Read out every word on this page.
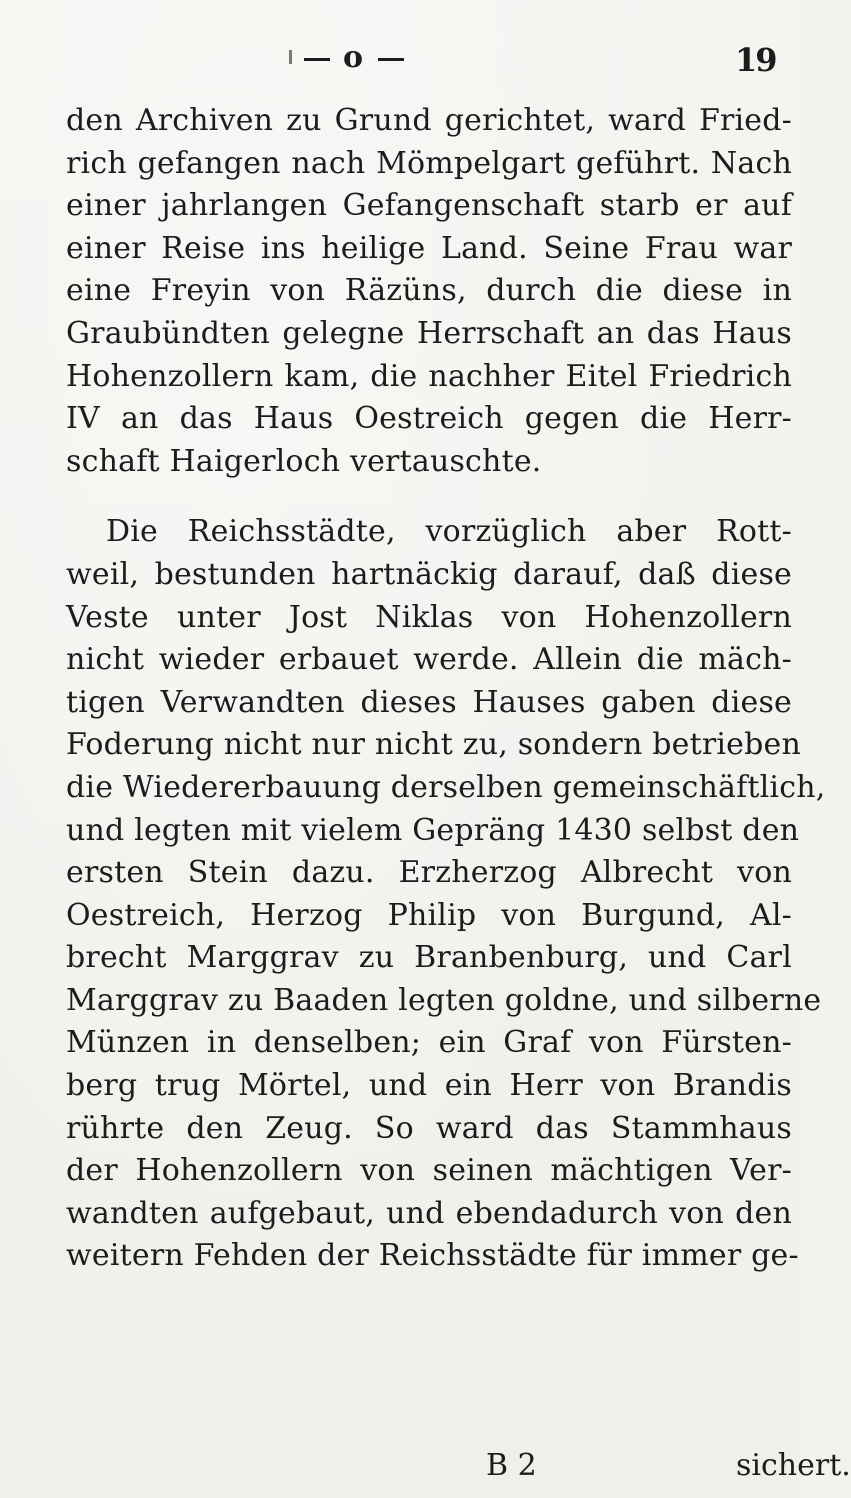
o	19
den Archiven zu Grund gerichtet, ward Fried-
rich gefangen nach Mömpelgart geführt. Nach
einer jahrlangen Gefangenschaft starb er auf
einer Reise ins heilige Land. Seine Frau war
eine Freyin von Räzüns, durch die diese in
Graubündten gelegne Herrschaft an das Haus
Hohenzollern kam, die nachher Eitel Friedrich
IV an das Haus Oestreich gegen die Herr-
schaft Haigerloch vertauschte.
Die Reichsstädte, vorzüglich aber Rott-
weil, bestunden hartnäckig darauf, daß diese
Veste unter Jost Niklas von Hohenzollern
nicht wieder erbauet werde. Allein die mäch-
tigen Verwandten dieses Hauses gaben diese
Foderung nicht nur nicht zu, sondern betrieben
die Wiedererbauung derselben gemeinschäftlich,
und legten mit vielem Gepräng 1430 selbst den
ersten Stein dazu. Erzherzog Albrecht von
Oestreich, Herzog Philip von Burgund, Al-
brecht Marggrav zu Branbenburg, und Carl
Marggrav zu Baaden legten goldne, und silberne
Münzen in denselben; ein Graf von Fürsten-
berg trug Mörtel, und ein Herr von Brandis
rührte den Zeug. So ward das Stammhaus
der Hohenzollern von seinen mächtigen Ver-
wandten aufgebaut, und ebendadurch von den
weitern Fehden der Reichsstädte für immer ge-
B 2	sichert.
